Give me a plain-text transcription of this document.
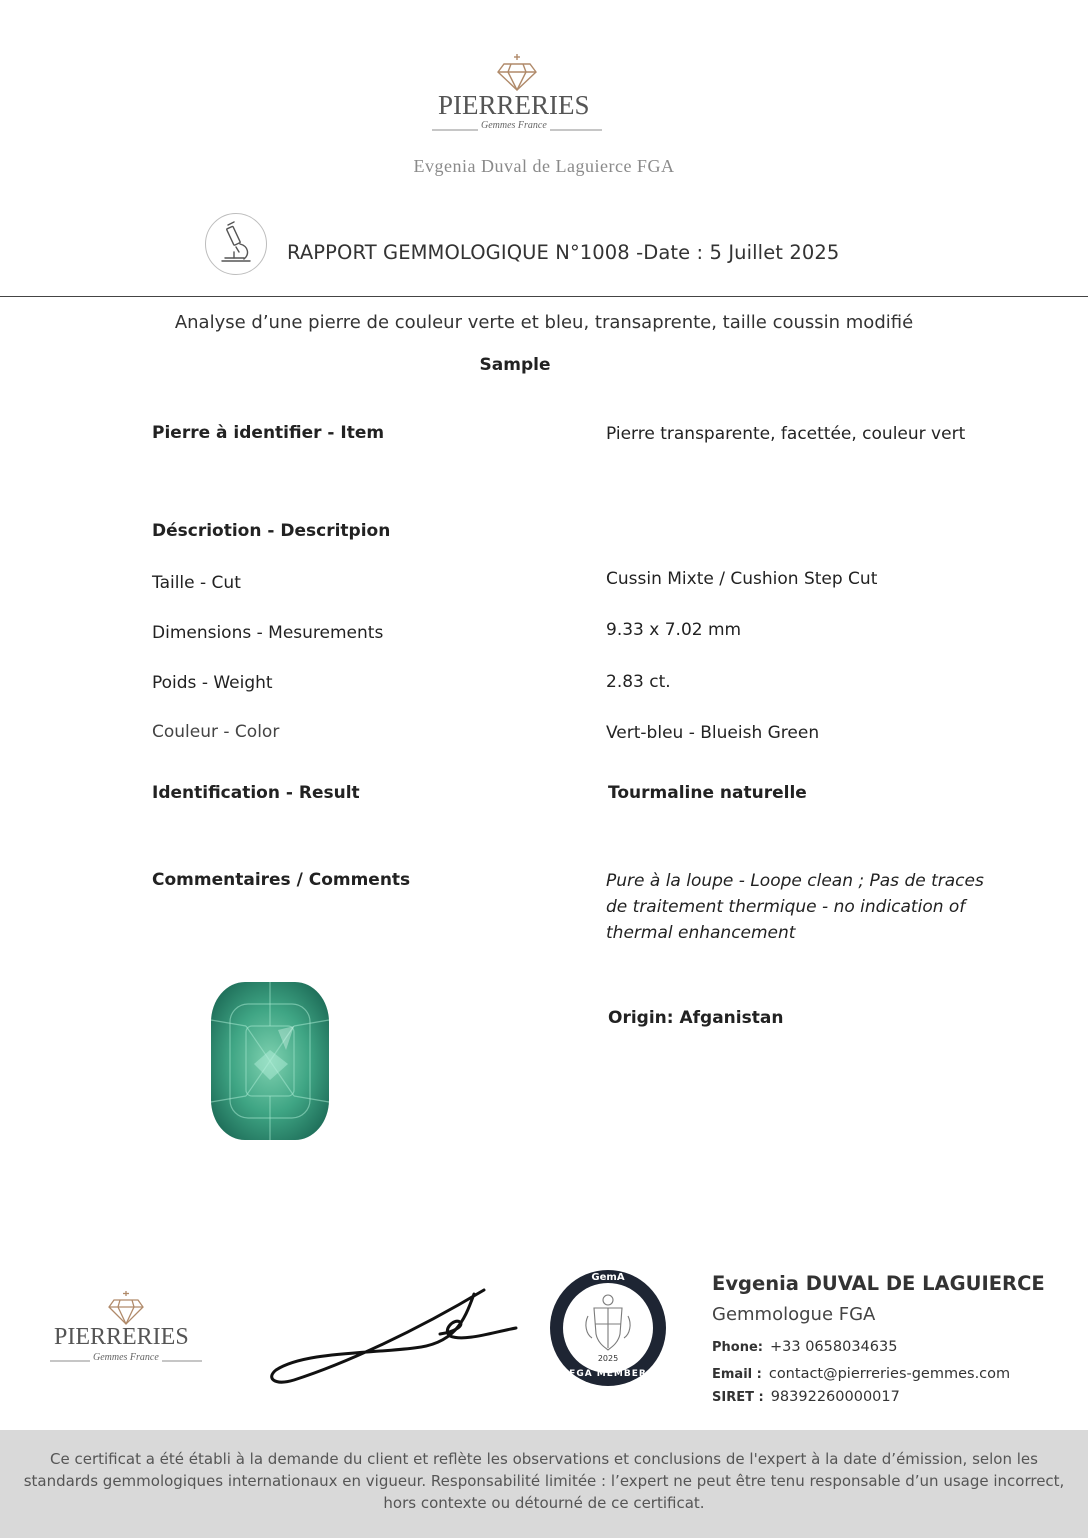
PIERRERIES
Gemmes France
Evgenia Duval de Laguierce FGA
RAPPORT GEMMOLOGIQUE N°1008 -Date : 5 Juillet 2025
Analyse d’une pierre de couleur verte et bleu, transaprente, taille coussin modifié
Sample
Pierre à identifier - Item	Pierre transparente, facettée, couleur vert
Déscriotion - Descritpion
Taille - Cut	Cussin Mixte / Cushion Step Cut
Dimensions - Mesurements	9.33 x 7.02 mm
Poids - Weight	2.83 ct.
Couleur - Color	Vert-bleu - Blueish Green
Identification - Result	Tourmaline naturelle
Commentaires / Comments	Pure à la loupe - Loope clean ; Pas de traces de traitement thermique - no indication of thermal enhancement
Origin: Afganistan
PIERRERIES
Gemmes France
GemA
2025
FGA MEMBER
Evgenia DUVAL DE LAGUIERCE
Gemmologue FGA
Phone: +33 0658034635
Email : contact@pierreries-gemmes.com
SIRET : 98392260000017
Ce certificat a été établi à la demande du client et reflète les observations et conclusions de l'expert à la date d’émission, selon les standards gemmologiques internationaux en vigueur. Responsabilité limitée : l’expert ne peut être tenu responsable d’un usage incorrect, hors contexte ou détourné de ce certificat.
